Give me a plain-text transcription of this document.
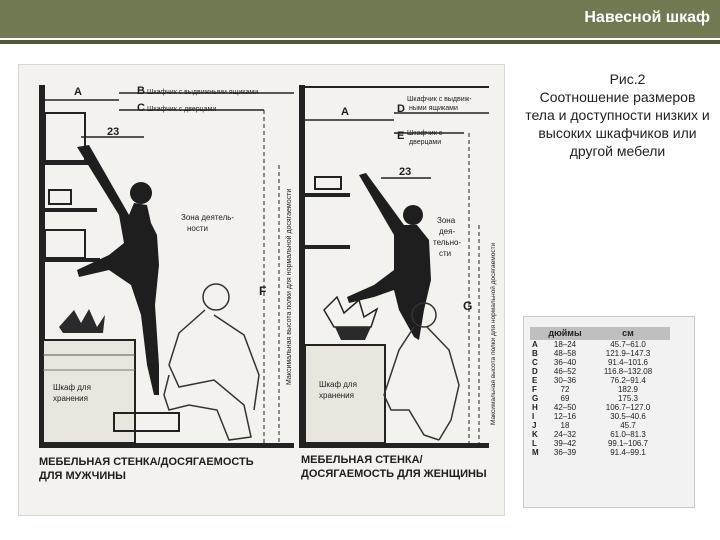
Навесной шкаф
A	B
C
Шкафчик с выдвижными ящиками
Шкафчик с дверцами
23
F	Максимальная высота полки для нормальной досягаемости
Зона деятель-
ности
Шкаф для
хранения
МЕБЕЛЬНАЯ СТЕНКА/ДОСЯГАЕМОСТЬ
ДЛЯ МУЖЧИНЫ
A	D
E
Шкафчик с выдвиж-
ными ящиками
Шкафчик с
дверцами
23
Шкаф для
хранения
Зона
дея-
тельно-
сти
G	Максимальная высота полки для нормальной досягаемости
МЕБЕЛЬНАЯ СТЕНКА/
ДОСЯГАЕМОСТЬ ДЛЯ ЖЕНЩИНЫ
Рис.2
Соотношение размеров тела и доступности низких и высоких шкафчиков или другой мебели
	дюймы	см
A	18–24	45.7–61.0
B	48–58	121.9–147.3
C	36–40	91.4–101.6
D	46–52	116.8–132.08
E	30–36	76.2–91.4
F	72	182.9
G	69	175.3
H	42–50	106.7–127.0
I	12–16	30.5–40.6
J	18	45.7
K	24–32	61.0–81.3
L	39–42	99.1–106.7
M	36–39	91.4–99.1
